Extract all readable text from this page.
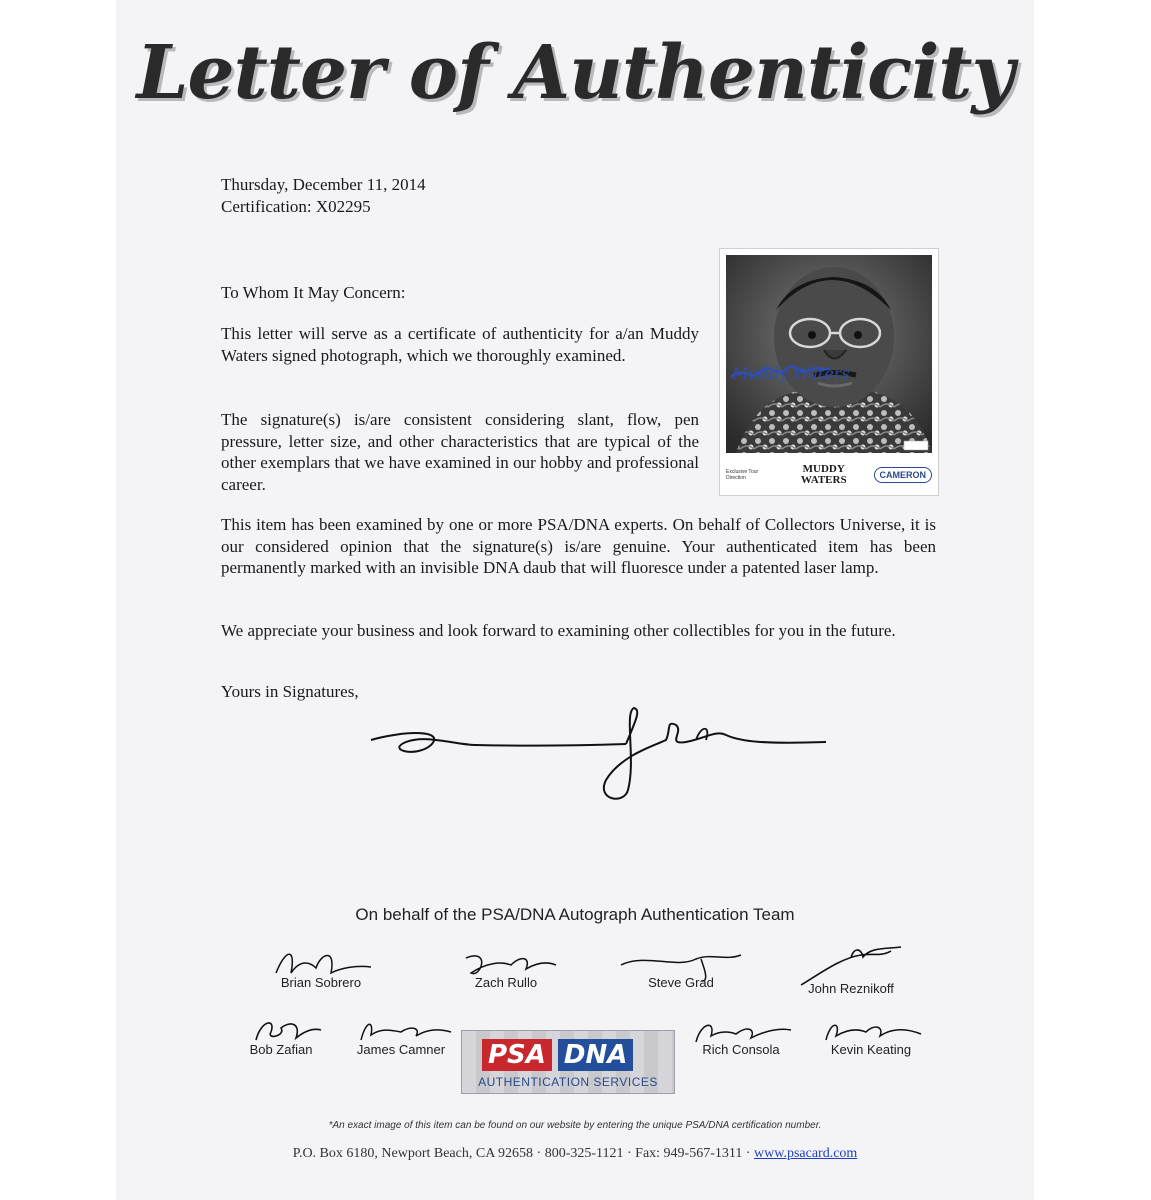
Letter of Authenticity
Thursday, December 11, 2014
Certification: X02295
To Whom It May Concern:

This letter will serve as a certificate of authenticity for a/an Muddy Waters signed photograph, which we thoroughly examined.

The signature(s) is/are consistent considering slant, flow, pen pressure, letter size, and other characteristics that are typical of the other exemplars that we have examined in our hobby and professional career.

This item has been examined by one or more PSA/DNA experts. On behalf of Collectors Universe, it is our considered opinion that the signature(s) is/are genuine. Your authenticated item has been permanently marked with an invisible DNA daub that will fluoresce under a patented laser lamp.

We appreciate your business and look forward to examining other collectibles for you in the future.

Yours in Signatures,
Muddy Waters
Exclusive Tour Direction
MUDDY
WATERS	CAMERON
On behalf of the PSA/DNA Autograph Authentication Team
Brian Sobrero	Zach Rullo	Steve Grad	John Reznikoff
Bob Zafian	James Camner	Rich Consola	Kevin Keating
PSA DNA
AUTHENTICATION SERVICES
*An exact image of this item can be found on our website by entering the unique PSA/DNA certification number.
P.O. Box 6180, Newport Beach, CA 92658 · 800-325-1121 · Fax: 949-567-1311 · www.psacard.com
